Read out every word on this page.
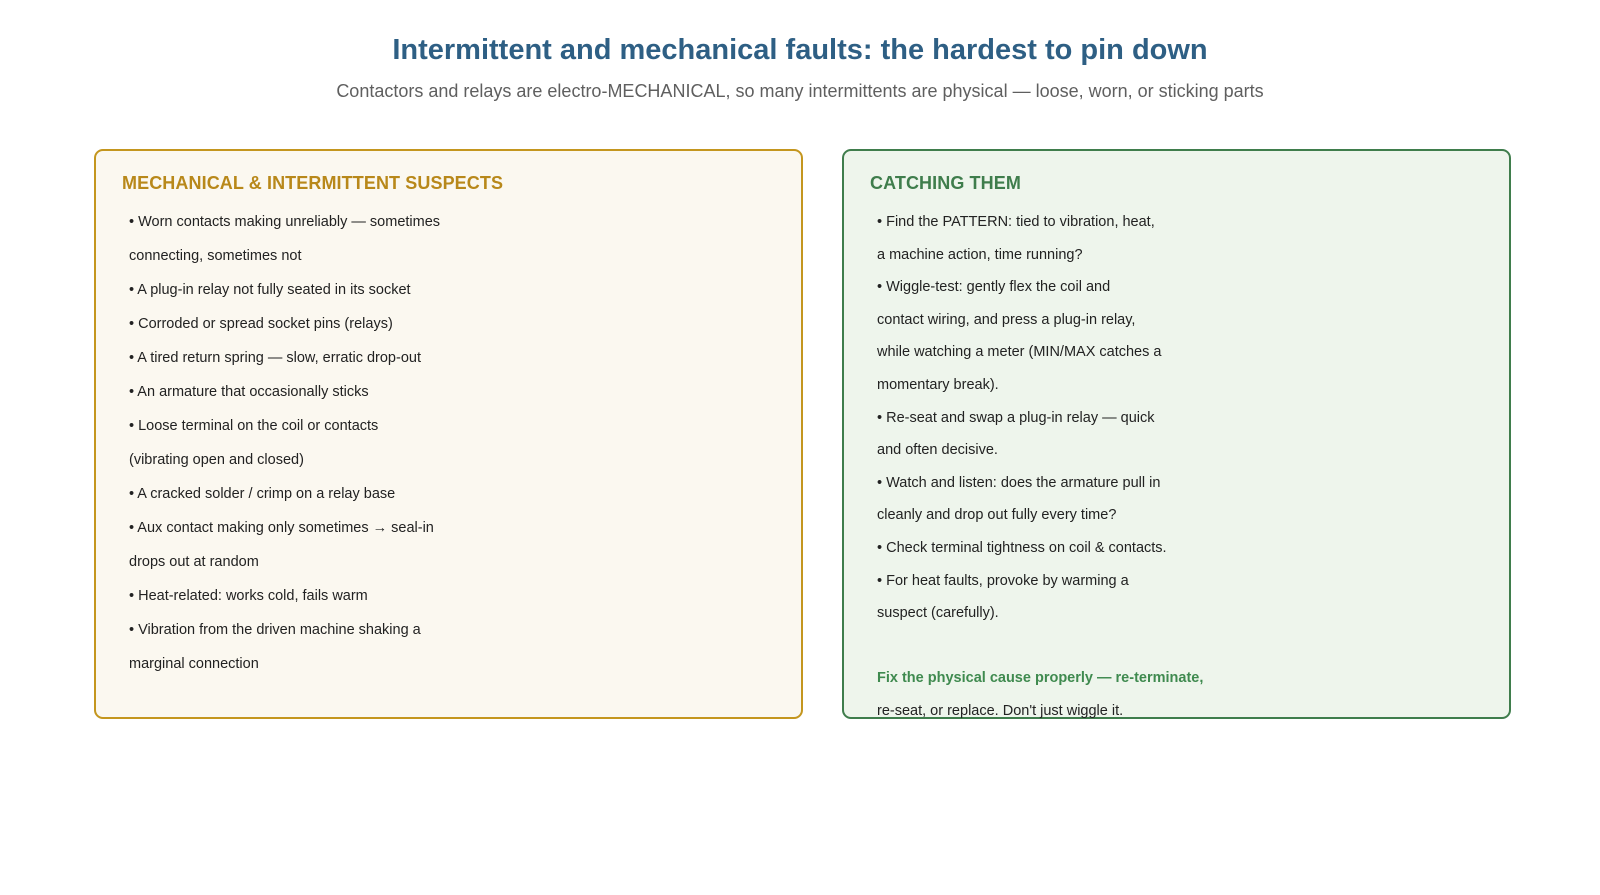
Intermittent and mechanical faults: the hardest to pin down
Contactors and relays are electro-MECHANICAL, so many intermittents are physical — loose, worn, or sticking parts
MECHANICAL & INTERMITTENT SUSPECTS
• Worn contacts making unreliably — sometimes
connecting, sometimes not
• A plug-in relay not fully seated in its socket
• Corroded or spread socket pins (relays)
• A tired return spring — slow, erratic drop-out
• An armature that occasionally sticks
• Loose terminal on the coil or contacts
(vibrating open and closed)
• A cracked solder / crimp on a relay base
• Aux contact making only sometimes → seal-in
drops out at random
• Heat-related: works cold, fails warm
• Vibration from the driven machine shaking a
marginal connection
CATCHING THEM
• Find the PATTERN: tied to vibration, heat,
a machine action, time running?
• Wiggle-test: gently flex the coil and
contact wiring, and press a plug-in relay,
while watching a meter (MIN/MAX catches a
momentary break).
• Re-seat and swap a plug-in relay — quick
and often decisive.
• Watch and listen: does the armature pull in
cleanly and drop out fully every time?
• Check terminal tightness on coil & contacts.
• For heat faults, provoke by warming a
suspect (carefully).
Fix the physical cause properly — re-terminate,
re-seat, or replace. Don't just wiggle it.
